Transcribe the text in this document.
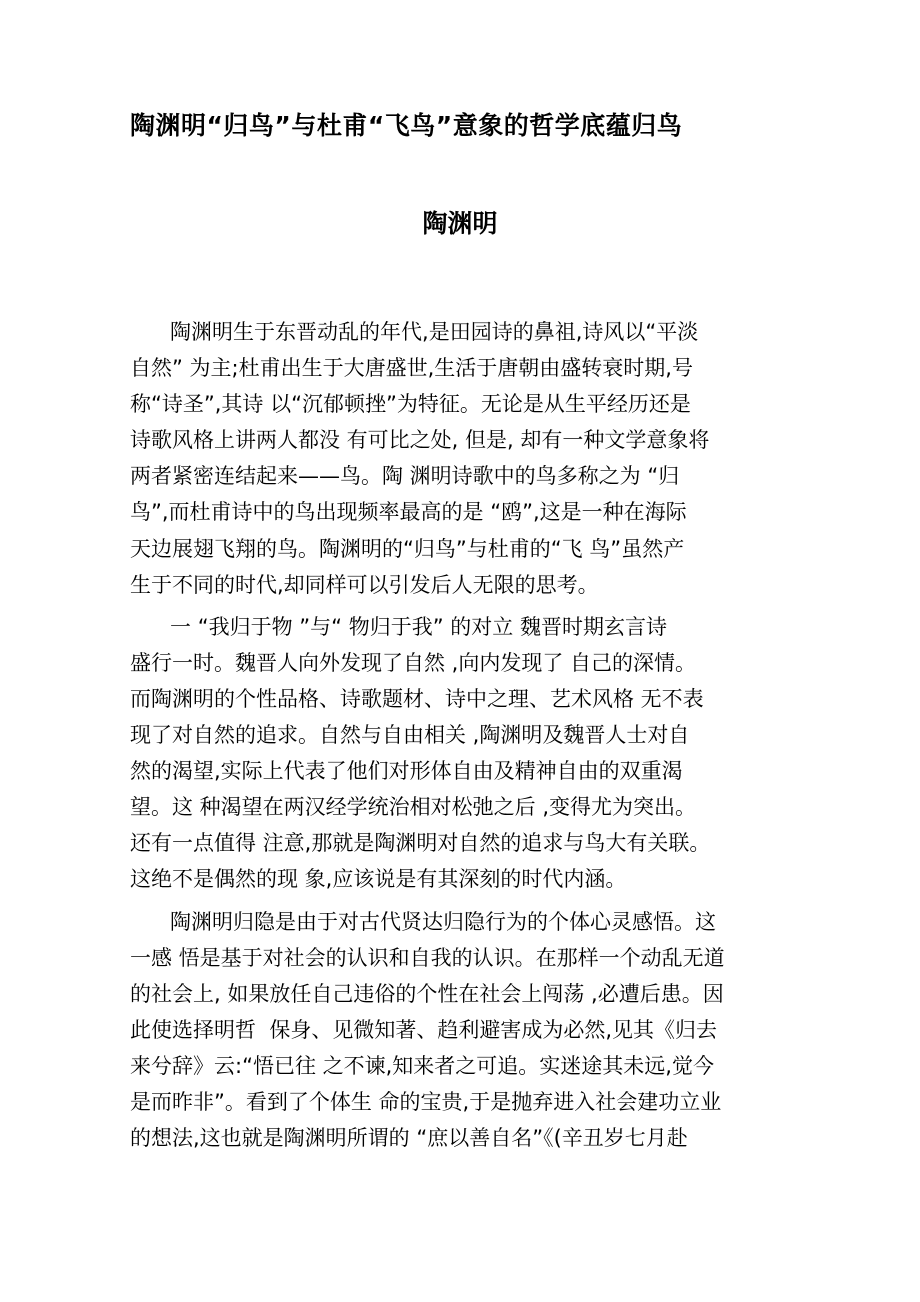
陶渊明“归鸟”与杜甫“飞鸟”意象的哲学底蕴归鸟
陶渊明
陶渊明生于东晋动乱的年代,是田园诗的鼻祖,诗风以“平淡
自然” 为主;杜甫出生于大唐盛世,生活于唐朝由盛转衰时期,号
称“诗圣”,其诗 以“沉郁顿挫”为特征。无论是从生平经历还是
诗歌风格上讲两人都没 有可比之处, 但是, 却有一种文学意象将
两者紧密连结起来——鸟。陶 渊明诗歌中的鸟多称之为 “归
鸟”,而杜甫诗中的鸟出现频率最高的是 “鸥”,这是一种在海际
天边展翅飞翔的鸟。陶渊明的“归鸟”与杜甫的“飞 鸟”虽然产
生于不同的时代,却同样可以引发后人无限的思考。
一 “我归于物 ”与“ 物归于我” 的对立 魏晋时期玄言诗
盛行一时。魏晋人向外发现了自然 ,向内发现了 自己的深情。
而陶渊明的个性品格、诗歌题材、诗中之理、艺术风格 无不表
现了对自然的追求。自然与自由相关 ,陶渊明及魏晋人士对自
然的渴望,实际上代表了他们对形体自由及精神自由的双重渴
望。这 种渴望在两汉经学统治相对松弛之后 ,变得尤为突出。
还有一点值得 注意,那就是陶渊明对自然的追求与鸟大有关联。
这绝不是偶然的现 象,应该说是有其深刻的时代内涵。
陶渊明归隐是由于对古代贤达归隐行为的个体心灵感悟。这
一感 悟是基于对社会的认识和自我的认识。在那样一个动乱无道
的社会上, 如果放任自己违俗的个性在社会上闯荡 ,必遭后患。因
此使选择明哲  保身、见微知著、趋利避害成为必然,见其《归去
来兮辞》云:“悟已往 之不谏,知来者之可追。实迷途其未远,觉今
是而昨非”。看到了个体生 命的宝贵,于是抛弃进入社会建功立业
的想法,这也就是陶渊明所谓的 “庶以善自名”《(辛丑岁七月赴
